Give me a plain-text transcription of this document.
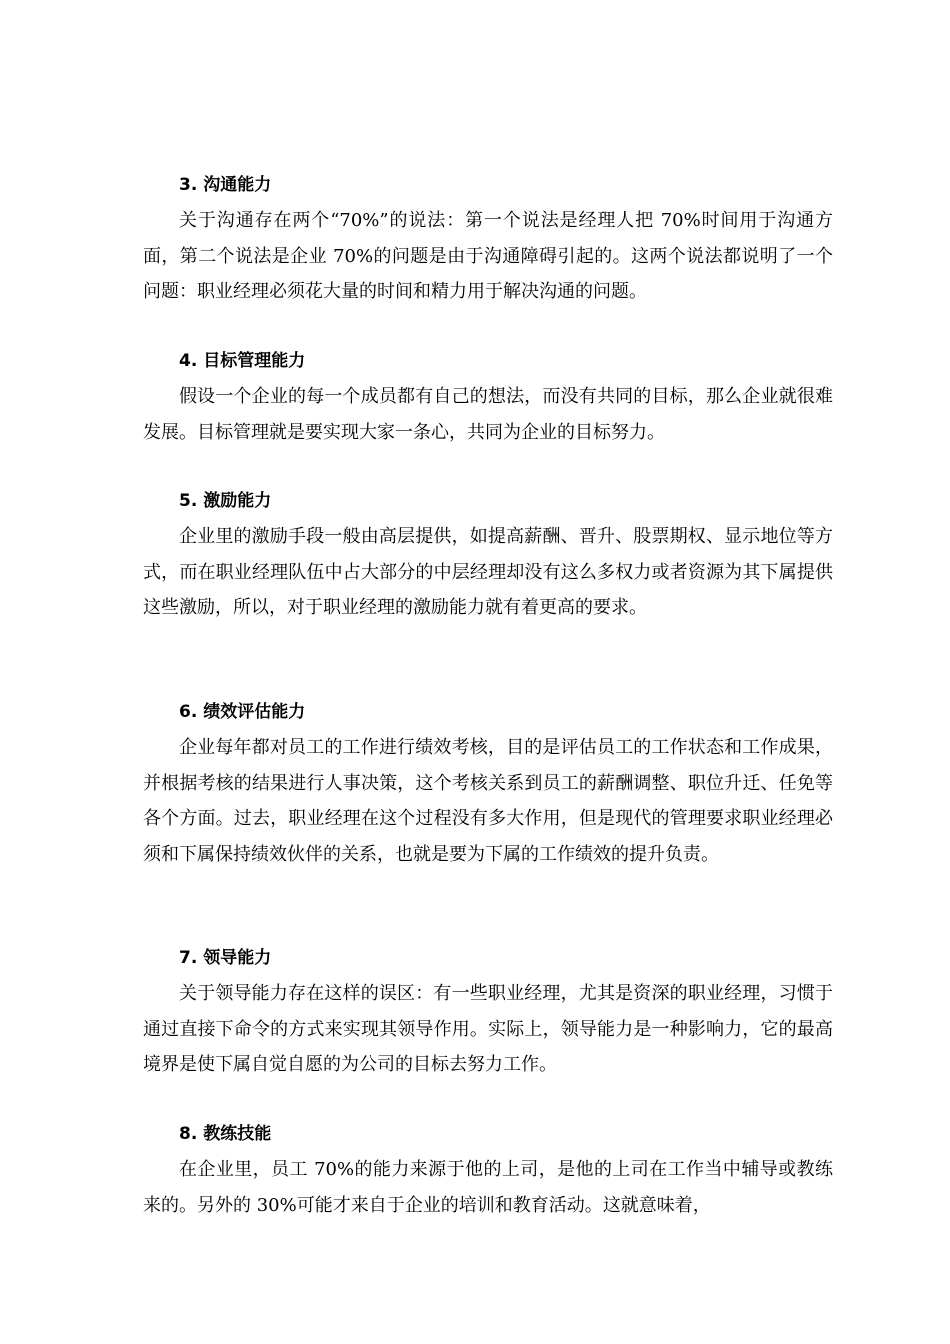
3. 沟通能力

关于沟通存在两个“70%”的说法：第一个说法是经理人把 70%时间用于沟通方面，第二个说法是企业 70%的问题是由于沟通障碍引起的。这两个说法都说明了一个问题：职业经理必须花大量的时间和精力用于解决沟通的问题。

4. 目标管理能力

假设一个企业的每一个成员都有自己的想法，而没有共同的目标，那么企业就很难发展。目标管理就是要实现大家一条心，共同为企业的目标努力。

5. 激励能力

企业里的激励手段一般由高层提供，如提高薪酬、晋升、股票期权、显示地位等方式，而在职业经理队伍中占大部分的中层经理却没有这么多权力或者资源为其下属提供这些激励，所以，对于职业经理的激励能力就有着更高的要求。

6. 绩效评估能力

企业每年都对员工的工作进行绩效考核，目的是评估员工的工作状态和工作成果，并根据考核的结果进行人事决策，这个考核关系到员工的薪酬调整、职位升迁、任免等各个方面。过去，职业经理在这个过程没有多大作用，但是现代的管理要求职业经理必须和下属保持绩效伙伴的关系，也就是要为下属的工作绩效的提升负责。

7. 领导能力

关于领导能力存在这样的误区：有一些职业经理，尤其是资深的职业经理，习惯于通过直接下命令的方式来实现其领导作用。实际上，领导能力是一种影响力，它的最高境界是使下属自觉自愿的为公司的目标去努力工作。

8. 教练技能

在企业里，员工 70%的能力来源于他的上司，是他的上司在工作当中辅导或教练来的。另外的 30%可能才来自于企业的培训和教育活动。这就意味着，
